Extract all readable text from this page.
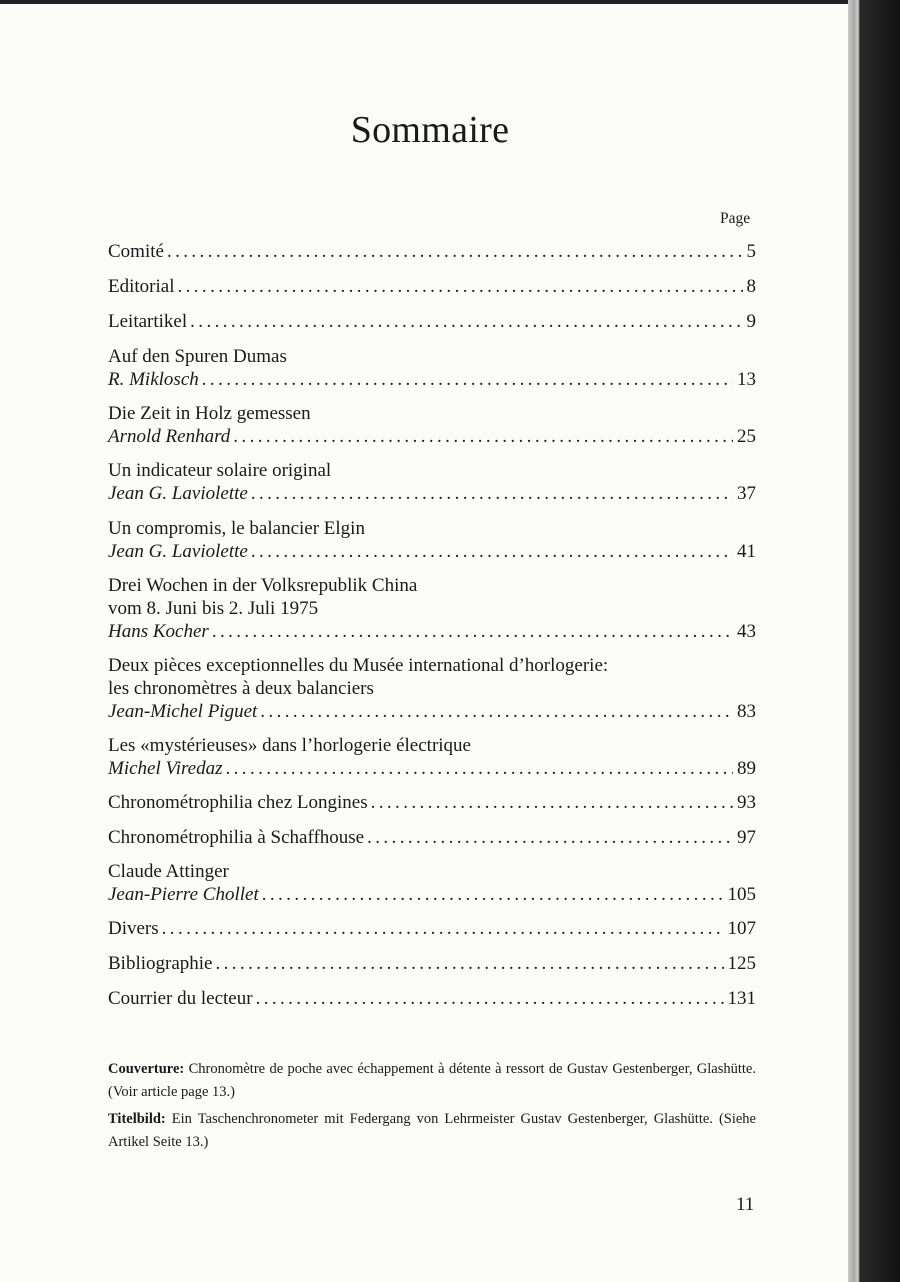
Sommaire
Page
Comité .....	5
Editorial .....	8
Leitartikel .....	9
Auf den Spuren Dumas
R. Miklosch .....	13
Die Zeit in Holz gemessen
Arnold Renhard .....	25
Un indicateur solaire original
Jean G. Laviolette .....	37
Un compromis, le balancier Elgin
Jean G. Laviolette .....	41
Drei Wochen in der Volksrepublik China
vom 8. Juni bis 2. Juli 1975
Hans Kocher .....	43
Deux pièces exceptionnelles du Musée international d’horlogerie:
les chronomètres à deux balanciers
Jean-Michel Piguet .....	83
Les «mystérieuses» dans l’horlogerie électrique
Michel Viredaz .....	89
Chronométrophilia chez Longines .....	93
Chronométrophilia à Schaffhouse .....	97
Claude Attinger
Jean-Pierre Chollet .....	105
Divers .....	107
Bibliographie .....	125
Courrier du lecteur .....	131

Couverture: Chronomètre de poche avec échappement à détente à ressort de Gustav Gestenberger, Glashütte. (Voir article page 13.)

Titelbild: Ein Taschenchronometer mit Federgang von Lehrmeister Gustav Gestenberger, Glashütte. (Siehe Artikel Seite 13.)

11
